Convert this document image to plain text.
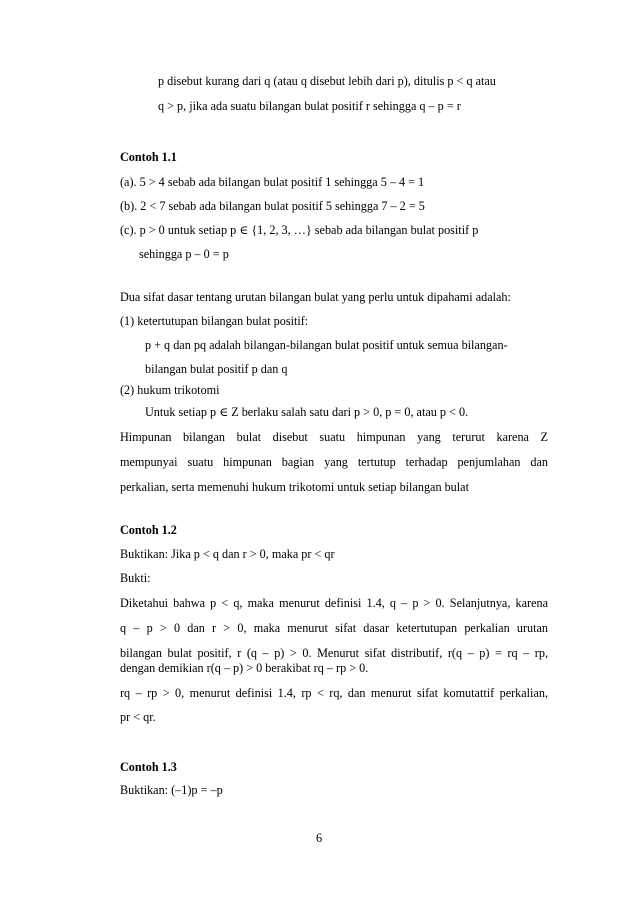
p disebut kurang dari q (atau q disebut lebih dari p), ditulis p < q atau
q > p, jika ada suatu bilangan bulat positif r sehingga q – p = r
Contoh 1.1
(a). 5 > 4 sebab ada bilangan bulat positif 1 sehingga 5 – 4 = 1
(b). 2 < 7 sebab ada bilangan bulat positif 5 sehingga 7 – 2 = 5
(c). p > 0 untuk setiap p ∈ {1, 2, 3, …} sebab ada bilangan bulat positif p
sehingga p – 0 = p
Dua sifat dasar tentang urutan bilangan bulat yang perlu untuk dipahami adalah:
(1) ketertutupan bilangan bulat positif:
p + q dan pq adalah bilangan-bilangan bulat positif untuk semua bilangan-
bilangan bulat positif p dan q
(2) hukum trikotomi
Untuk setiap p ∈ Z berlaku salah satu dari p > 0, p = 0, atau p < 0.
Himpunan bilangan bulat disebut suatu himpunan yang terurut karena Z
mempunyai suatu himpunan bagian yang tertutup terhadap penjumlahan dan
perkalian, serta memenuhi hukum trikotomi untuk setiap bilangan bulat
Contoh 1.2
Buktikan: Jika p < q dan r > 0, maka pr < qr
Bukti:
Diketahui bahwa p < q, maka menurut definisi 1.4, q – p > 0. Selanjutnya, karena
q – p > 0 dan r > 0, maka menurut sifat dasar ketertutupan perkalian urutan
bilangan bulat positif, r (q – p) > 0. Menurut sifat distributif, r(q – p) = rq – rp,
dengan demikian r(q – p) > 0 berakibat rq – rp > 0.
rq – rp > 0, menurut definisi 1.4, rp < rq, dan menurut sifat komutattif perkalian,
pr < qr.
Contoh 1.3
Buktikan: (–1)p = –p
6
